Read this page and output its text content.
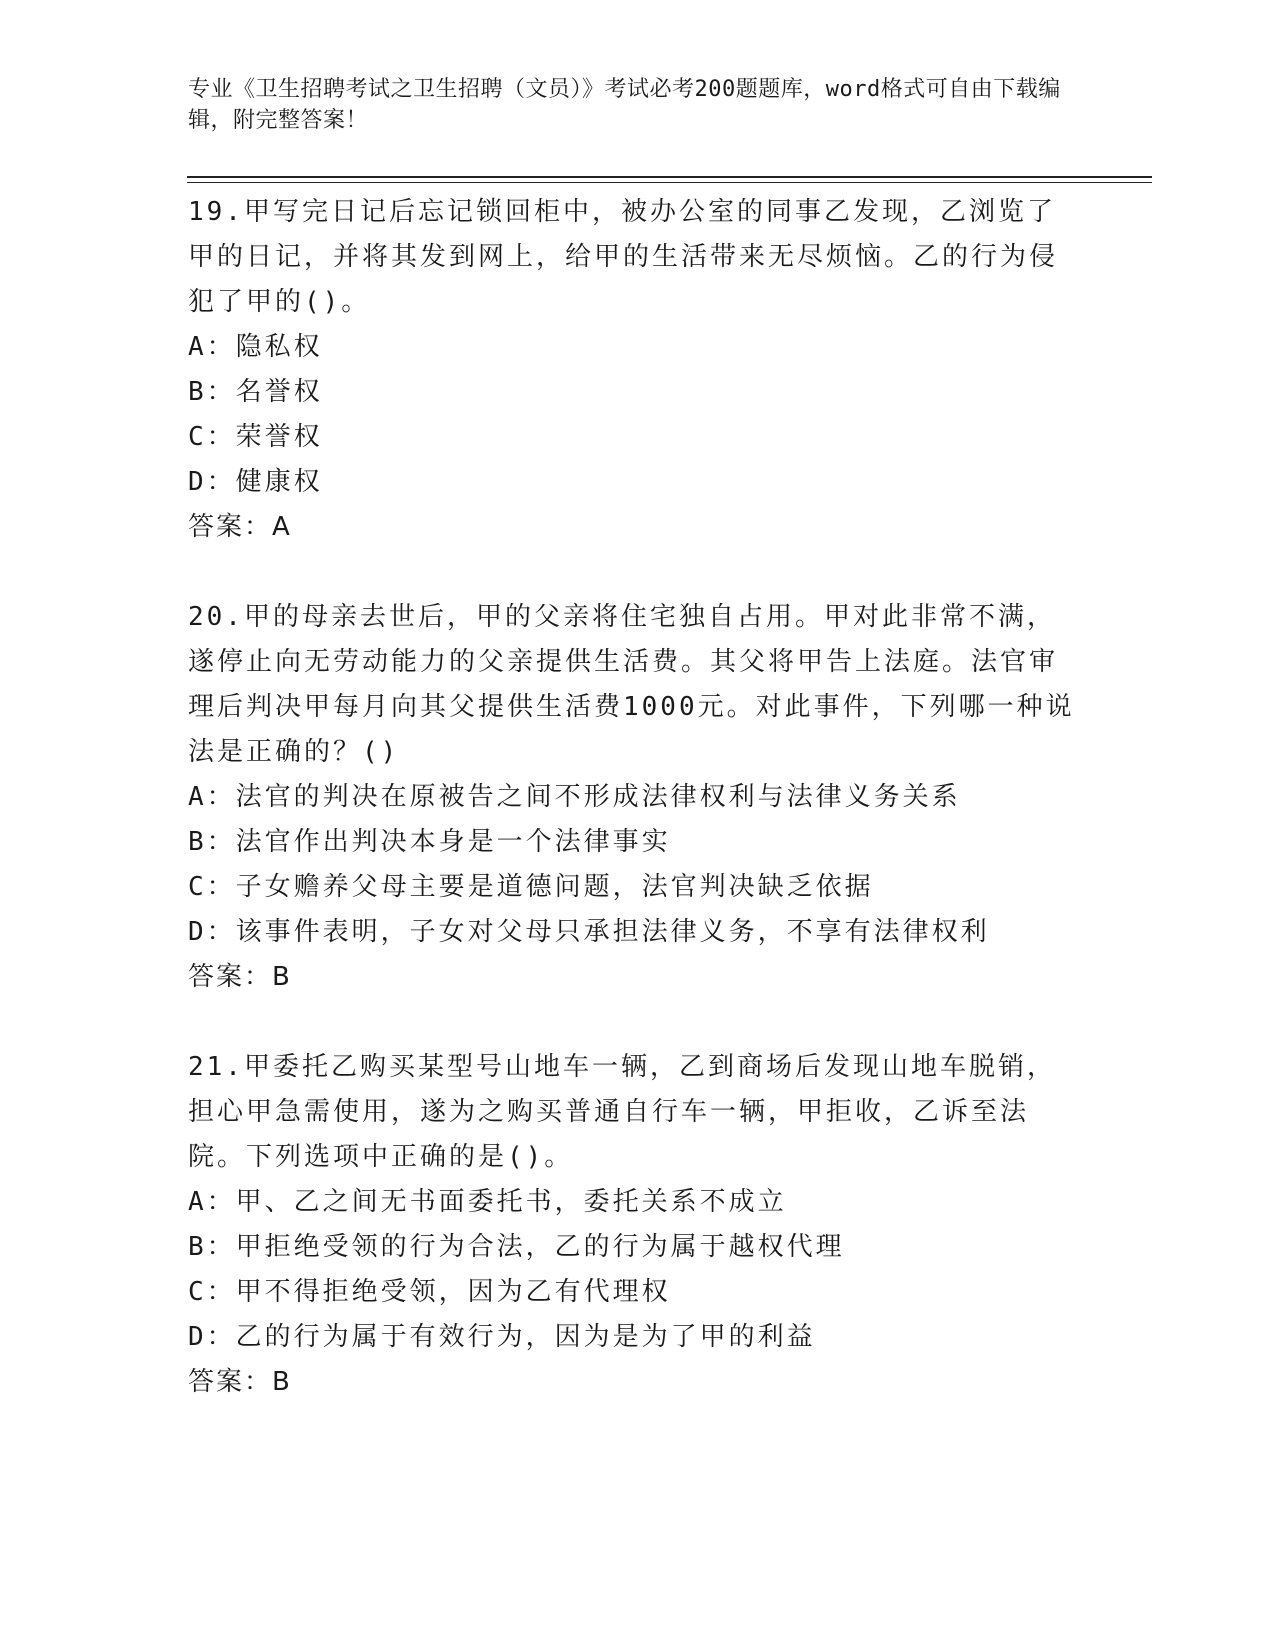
专业《卫生招聘考试之卫生招聘（文员）》考试必考200题题库，word格式可自由下载编辑，附完整答案！
19.甲写完日记后忘记锁回柜中，被办公室的同事乙发现，乙浏览了甲的日记，并将其发到网上，给甲的生活带来无尽烦恼。乙的行为侵犯了甲的()。
A：隐私权
B：名誉权
C：荣誉权
D：健康权
答案：A
20.甲的母亲去世后，甲的父亲将住宅独自占用。甲对此非常不满，遂停止向无劳动能力的父亲提供生活费。其父将甲告上法庭。法官审理后判决甲每月向其父提供生活费1000元。对此事件，下列哪一种说法是正确的？()
A：法官的判决在原被告之间不形成法律权利与法律义务关系
B：法官作出判决本身是一个法律事实
C：子女赡养父母主要是道德问题，法官判决缺乏依据
D：该事件表明，子女对父母只承担法律义务，不享有法律权利
答案：B
21.甲委托乙购买某型号山地车一辆，乙到商场后发现山地车脱销，担心甲急需使用，遂为之购买普通自行车一辆，甲拒收，乙诉至法院。下列选项中正确的是()。
A：甲、乙之间无书面委托书，委托关系不成立
B：甲拒绝受领的行为合法，乙的行为属于越权代理
C：甲不得拒绝受领，因为乙有代理权
D：乙的行为属于有效行为，因为是为了甲的利益
答案：B
